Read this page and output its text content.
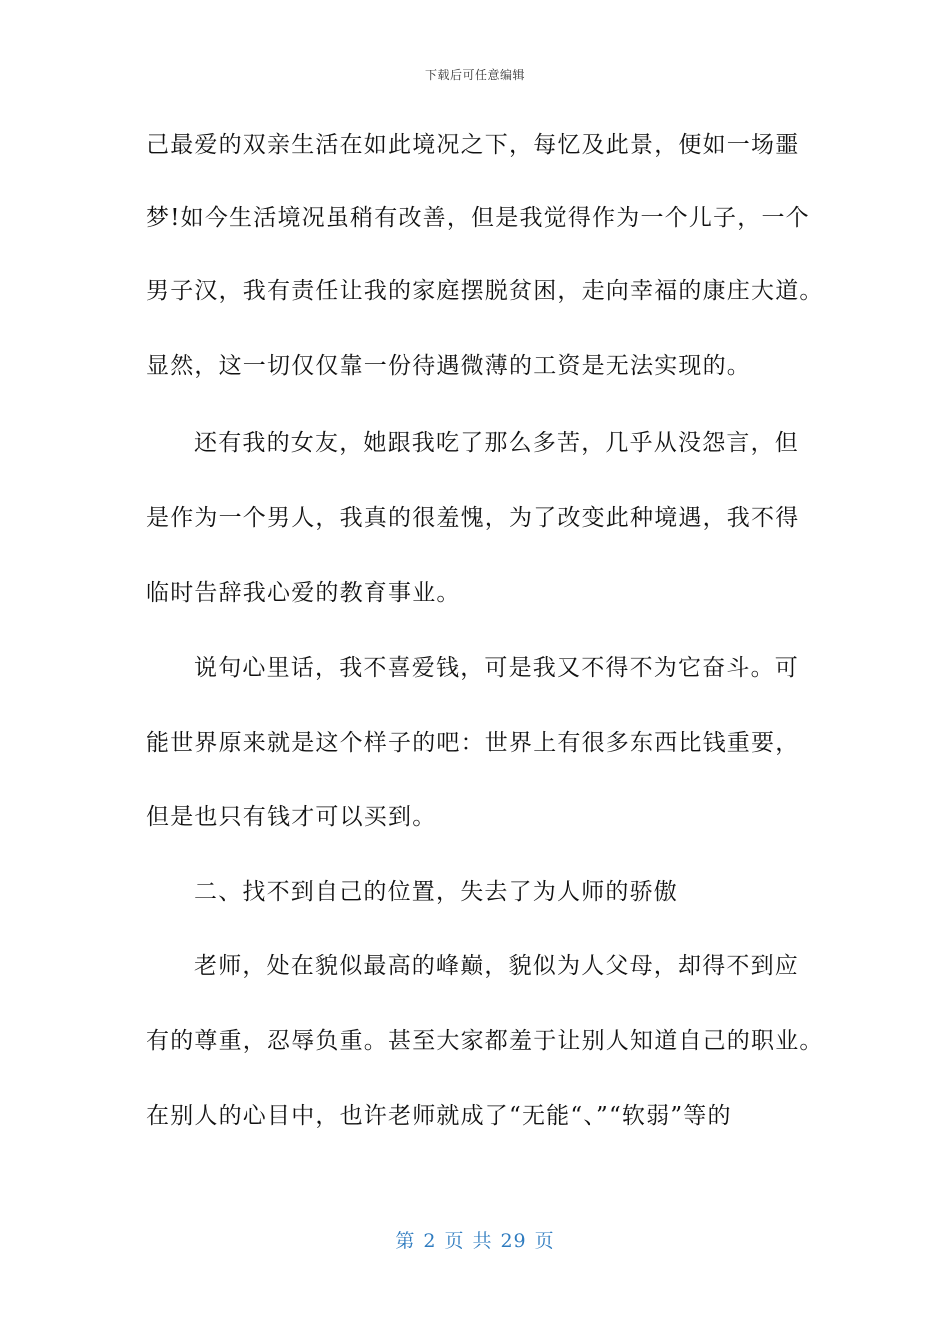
下载后可任意编辑
己最爱的双亲生活在如此境况之下，每忆及此景，便如一场噩
梦!如今生活境况虽稍有改善，但是我觉得作为一个儿子，一个
男子汉，我有责任让我的家庭摆脱贫困，走向幸福的康庄大道。
显然，这一切仅仅靠一份待遇微薄的工资是无法实现的。
还有我的女友，她跟我吃了那么多苦，几乎从没怨言，但
是作为一个男人，我真的很羞愧，为了改变此种境遇，我不得
临时告辞我心爱的教育事业。
说句心里话，我不喜爱钱，可是我又不得不为它奋斗。可
能世界原来就是这个样子的吧：世界上有很多东西比钱重要，
但是也只有钱才可以买到。
二、找不到自己的位置，失去了为人师的骄傲
老师，处在貌似最高的峰巅，貌似为人父母，却得不到应
有的尊重，忍辱负重。甚至大家都羞于让别人知道自己的职业。
在别人的心目中，也许老师就成了“无能“、”“软弱”等的
第 2 页 共 29 页
